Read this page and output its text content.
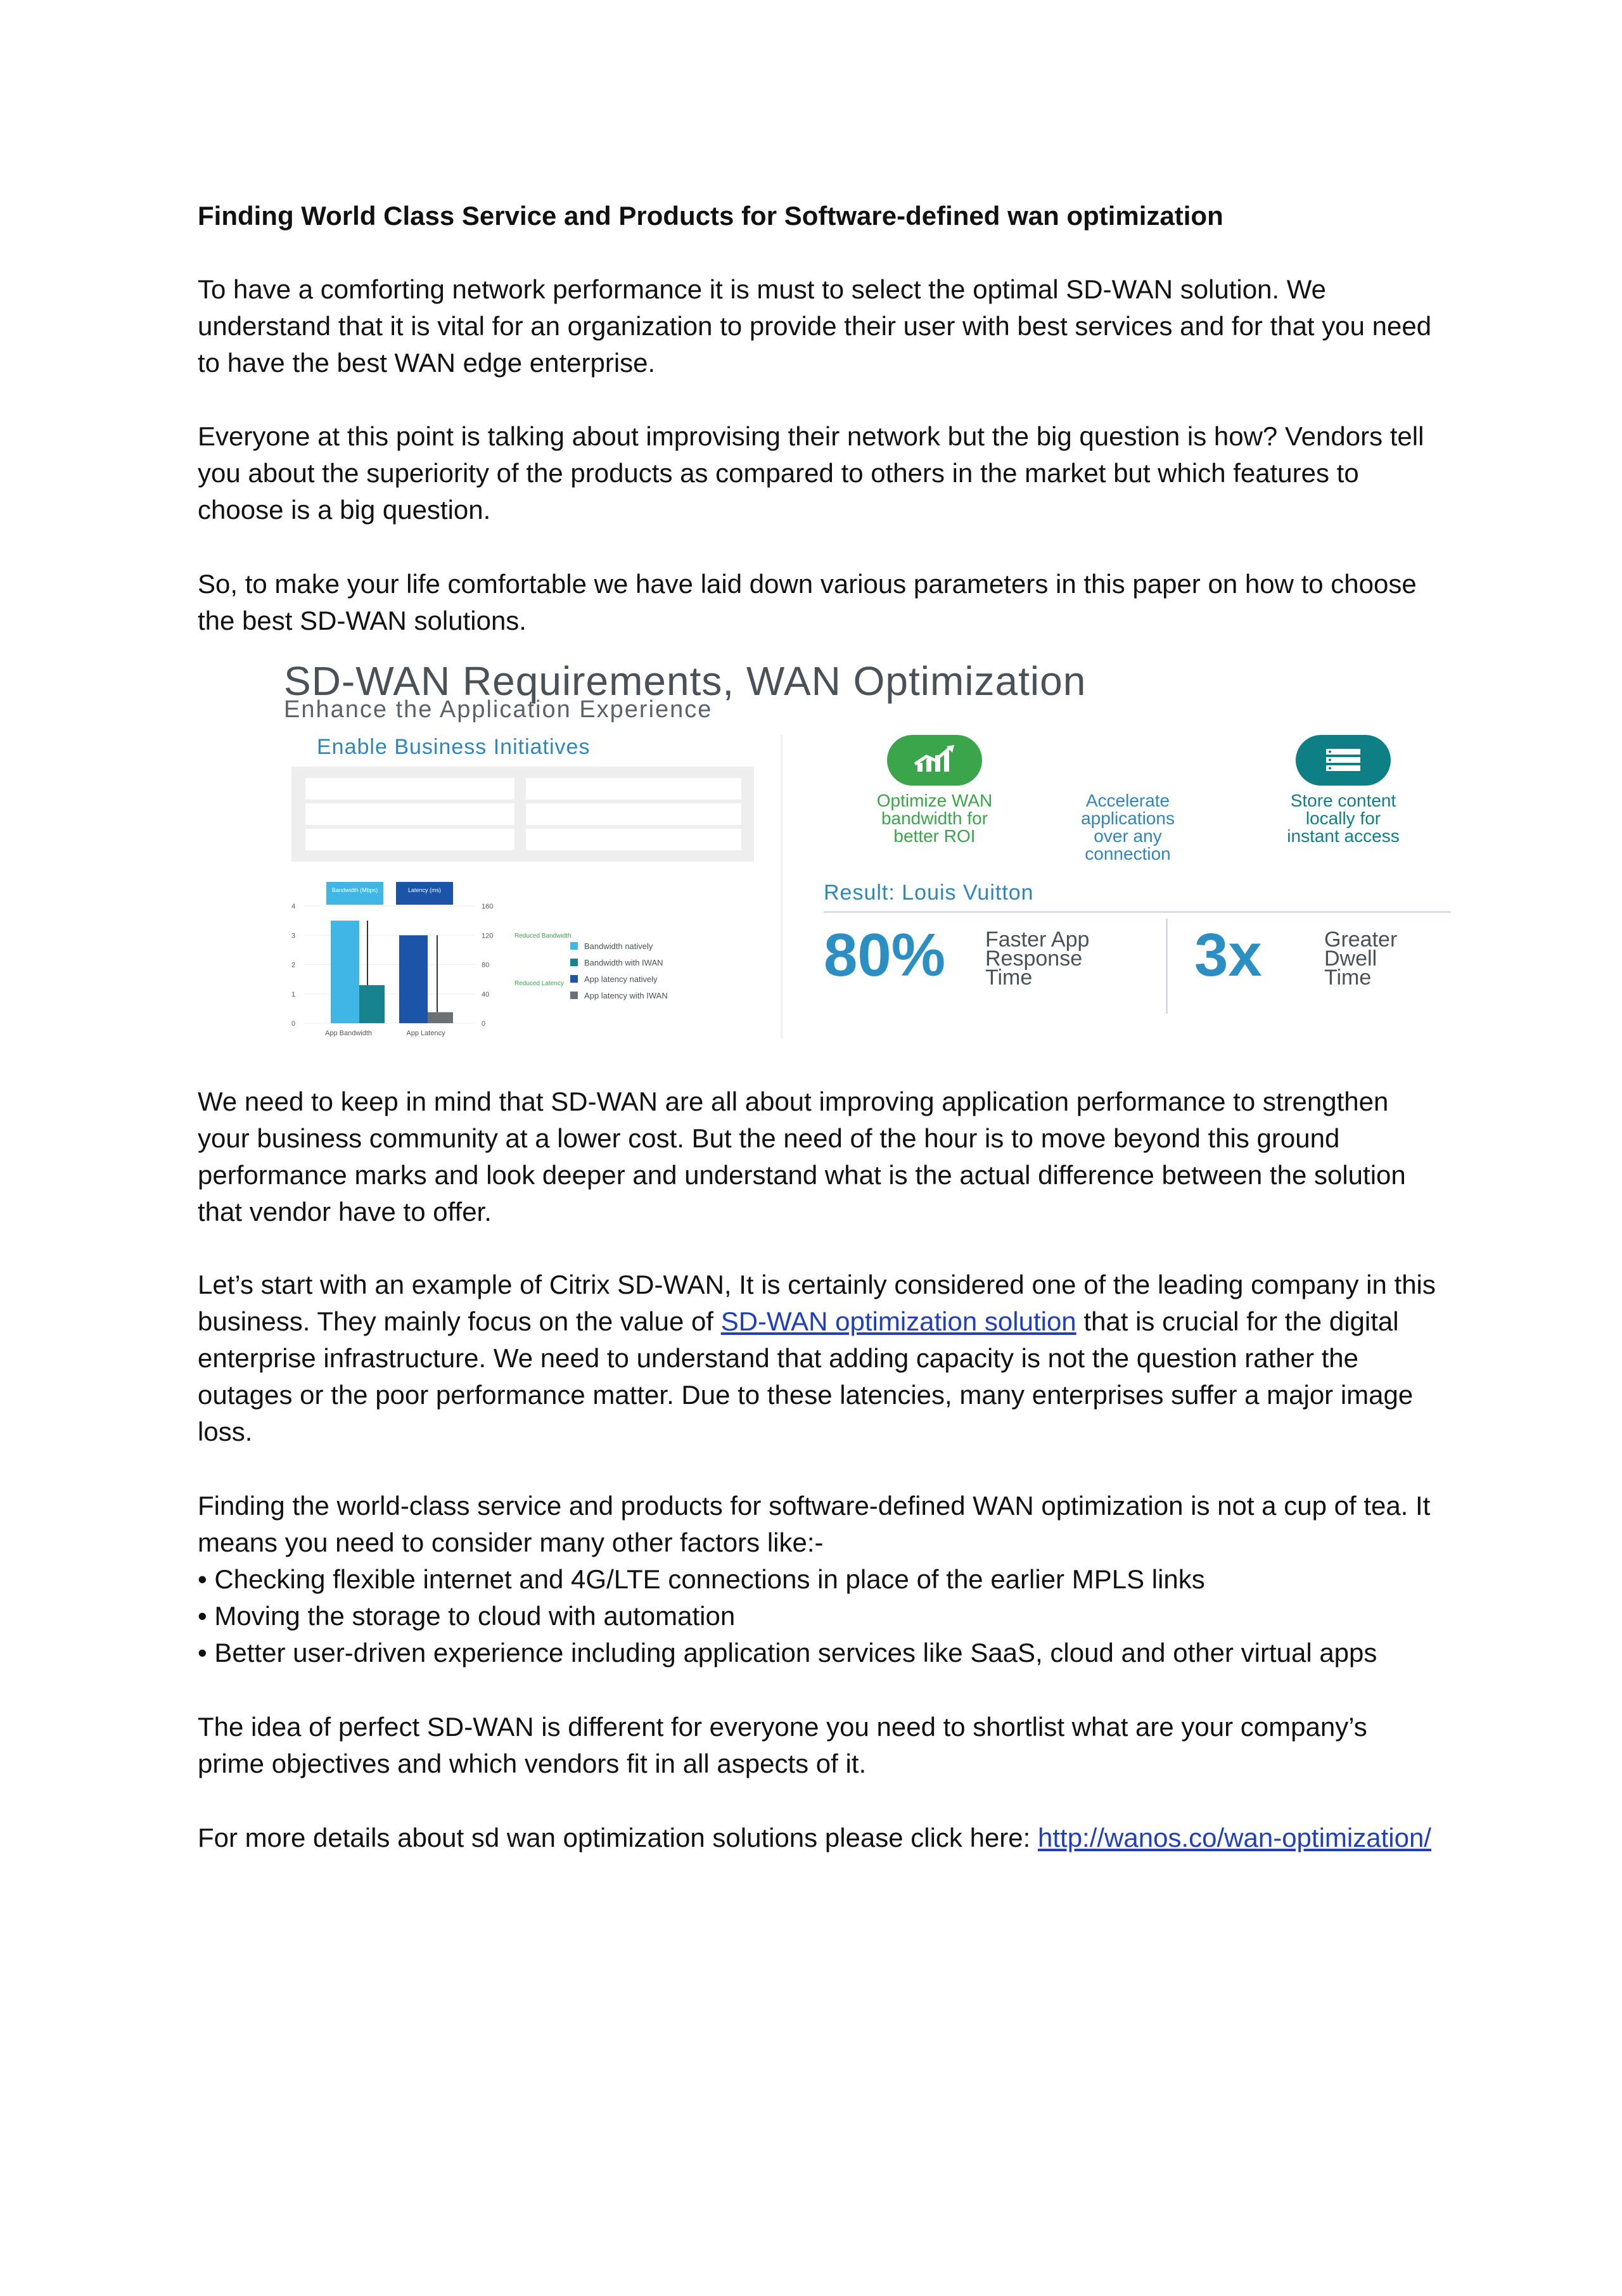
Finding World Class Service and Products for Software-defined wan optimization

To have a comforting network performance it is must to select the optimal SD-WAN solution. We understand that it is vital for an organization to provide their user with best services and for that you need to have the best WAN edge enterprise.

Everyone at this point is talking about improvising their network but the big question is how? Vendors tell you about the superiority of the products as compared to others in the market but which features to choose is a big question.

So, to make your life comfortable we have laid down various parameters in this paper on how to choose the best SD-WAN solutions.

SD-WAN Requirements, WAN Optimization
Enhance the Application Experience
Enable Business Initiatives
Bandwidth (Mbps)	Latency (ms)
0
1
2
3
4
0
40
80
120
160
App Bandwidth	App Latency
Reduced Bandwidth
Reduced Latency
Bandwidth natively
Bandwidth with IWAN
App latency natively
App latency with IWAN
Optimize WAN
bandwidth for
better ROI
Accelerate
applications
over any
connection
Store content
locally for
instant access
Result: Louis Vuitton
80% Faster App
Response
Time	3x	Greater
Dwell
Time

We need to keep in mind that SD-WAN are all about improving application performance to strengthen your business community at a lower cost. But the need of the hour is to move beyond this ground performance marks and look deeper and understand what is the actual difference between the solution that vendor have to offer.

Let’s start with an example of Citrix SD-WAN, It is certainly considered one of the leading company in this business. They mainly focus on the value of SD-WAN optimization solution that is crucial for the digital enterprise infrastructure. We need to understand that adding capacity is not the question rather the outages or the poor performance matter. Due to these latencies, many enterprises suffer a major image loss.

Finding the world-class service and products for software-defined WAN optimization is not a cup of tea. It means you need to consider many other factors like:-

• Checking flexible internet and 4G/LTE connections in place of the earlier MPLS links
• Moving the storage to cloud with automation
• Better user-driven experience including application services like SaaS, cloud and other virtual apps

The idea of perfect SD-WAN is different for everyone you need to shortlist what are your company’s prime objectives and which vendors fit in all aspects of it.

For more details about sd wan optimization solutions please click here: http://wanos.co/wan-optimization/
